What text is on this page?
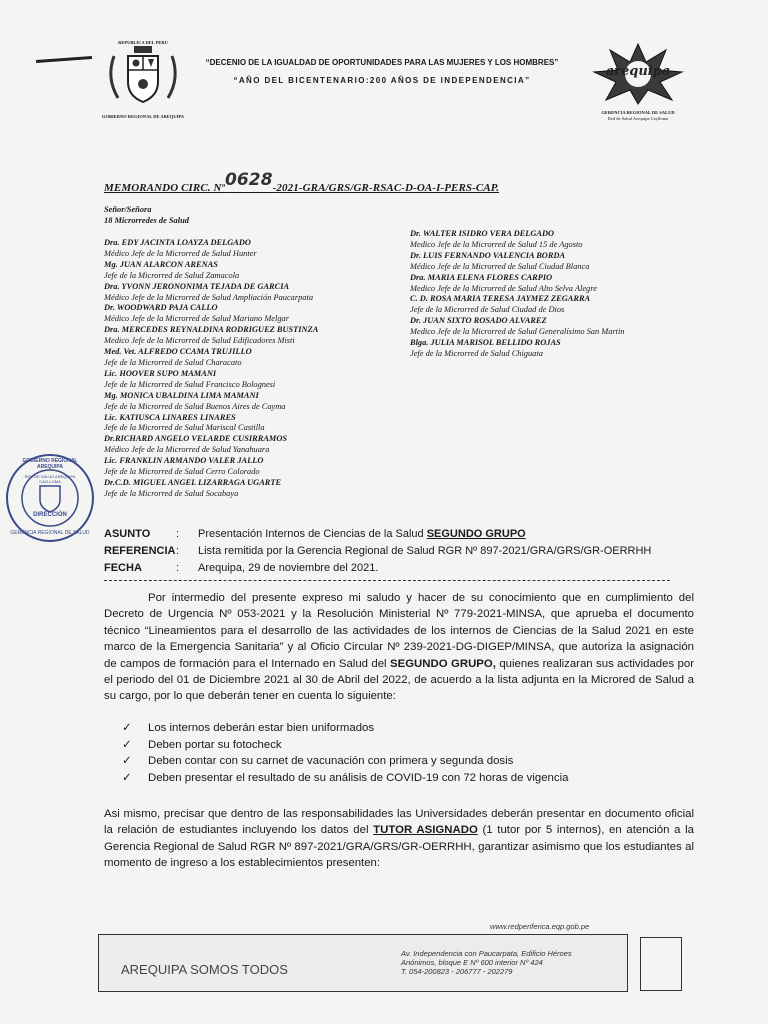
REPUBLICA DEL PERU
GOBIERNO REGIONAL DE AREQUIPA
“DECENIO DE LA IGUALDAD DE OPORTUNIDADES PARA LAS MUJERES Y LOS HOMBRES”
“AÑO DEL BICENTENARIO:200 AÑOS DE INDEPENDENCIA”
arequipa
GERENCIA REGIONAL DE SALUD
Red de Salud Arequipa Caylloma
MEMORANDO CIRC. Nº0628-2021-GRA/GRS/GR-RSAC-D-OA-I-PERS-CAP.
Señor/Señora
18 Microrredes de Salud
Dra. EDY JACINTA LOAYZA DELGADO
Médico Jefe de la Microrred de Salud Hunter
Mg. JUAN ALARCON ARENAS
Jefe de la Microrred de Salud Zamacola
Dra. YVONN JERONONIMA TEJADA DE GARCIA
Médico Jefe de la Microrred de Salud Ampliación Paucarpata
Dr. WOODWARD PAJA CALLO
Médico Jefe de la Microrred de Salud Mariano Melgar
Dra. MERCEDES REYNALDINA RODRIGUEZ BUSTINZA
Medico Jefe de la Microrred de Salud Edificadores Misti
Med. Vet. ALFREDO CCAMA TRUJILLO
Jefe de la Microrred de Salud Characato
Lic. HOOVER SUPO MAMANI
Jefe de la Microrred de Salud Francisco Bolognesi
Mg. MONICA UBALDINA LIMA MAMANI
Jefe de la Microrred de Salud Buenos Aires de Cayma
Lic. KATIUSCA LINARES LINARES
Jefe de la Microrred de Salud Mariscal Castilla
Dr.RICHARD ANGELO VELARDE CUSIRRAMOS
Médico Jefe de la Microrred de Salud Yanahuara
Lic. FRANKLIN ARMANDO VALER JALLO
Jefe de la Microrred de Salud Cerro Colorado
Dr.C.D. MIGUEL ANGEL LIZARRAGA UGARTE
Jefe de la Microrred de Salud Socabaya
Dr. WALTER ISIDRO VERA DELGADO
Medico Jefe de la Microrred de Salud 15 de Agosto
Dr. LUIS FERNANDO VALENCIA BORDA
Médico Jefe de la Microrred de Salud Ciudad Blanca
Dra. MARIA ELENA FLORES CARPIO
Medico Jefe de la Microrred de Salud Alto Selva Alegre
C. D. ROSA MARIA TERESA JAYMEZ ZEGARRA
Jefe de la Microrred de Salud Ciudad de Dios
Dr. JUAN SIXTO ROSADO ALVAREZ
Medico Jefe de la Microrred de Salud Generalísimo San Martin
Blga. JULIA MARISOL BELLIDO ROJAS
Jefe de la Microrred de Salud Chiguata
GOBIERNO REGIONAL AREQUIPA
RED DE SALUD AREQUIPA CAYLLOMA
DIRECCIÓN
GERENCIA REGIONAL DE SALUD ASUNTO : Presentación Internos de Ciencias de la Salud SEGUNDO GRUPO
REFERENCIA: Lista remitida por la Gerencia Regional de Salud RGR Nº 897-2021/GRA/GRS/GR-OERRHH
FECHA	: Arequipa, 29 de noviembre del 2021.
Por intermedio del presente expreso mi saludo y hacer de su conocimiento que en cumplimiento del Decreto de Urgencia Nº 053-2021 y la Resolución Ministerial Nº 779-2021-MINSA, que aprueba el documento técnico “Lineamientos para el desarrollo de las actividades de los internos de Ciencias de la Salud 2021 en este marco de la Emergencia Sanitaria” y al Oficio Circular Nº 239-2021-DG-DIGEP/MINSA, que autoriza la asignación de campos de formación para el Internado en Salud del SEGUNDO GRUPO, quienes realizaran sus actividades por el periodo del 01 de Diciembre 2021 al 30 de Abril del 2022, de acuerdo a la lista adjunta en la Microred de Salud a su cargo, por lo que deberán tener en cuenta lo siguiente:
✓ Los internos deberán estar bien uniformados
✓ Deben portar su fotocheck
✓ Deben contar con su carnet de vacunación con primera y segunda dosis
✓ Deben presentar el resultado de su análisis de COVID-19 con 72 horas de vigencia
Asi mismo, precisar que dentro de las responsabilidades las Universidades deberán presentar en documento oficial la relación de estudiantes incluyendo los datos del TUTOR ASIGNADO (1 tutor por 5 internos), en atención a la Gerencia Regional de Salud RGR Nº 897-2021/GRA/GRS/GR-OERRHH, garantizar asimismo que los estudiantes al momento de ingreso a los establecimientos presenten:
www.redperiferica.eqp.gob.pe
AREQUIPA SOMOS TODOS
Av. Independencia con Paucarpata, Edificio Héroes
Anónimos, bloque E Nº 600 interior Nº 424
T. 054-200823 - 206777 - 202279
